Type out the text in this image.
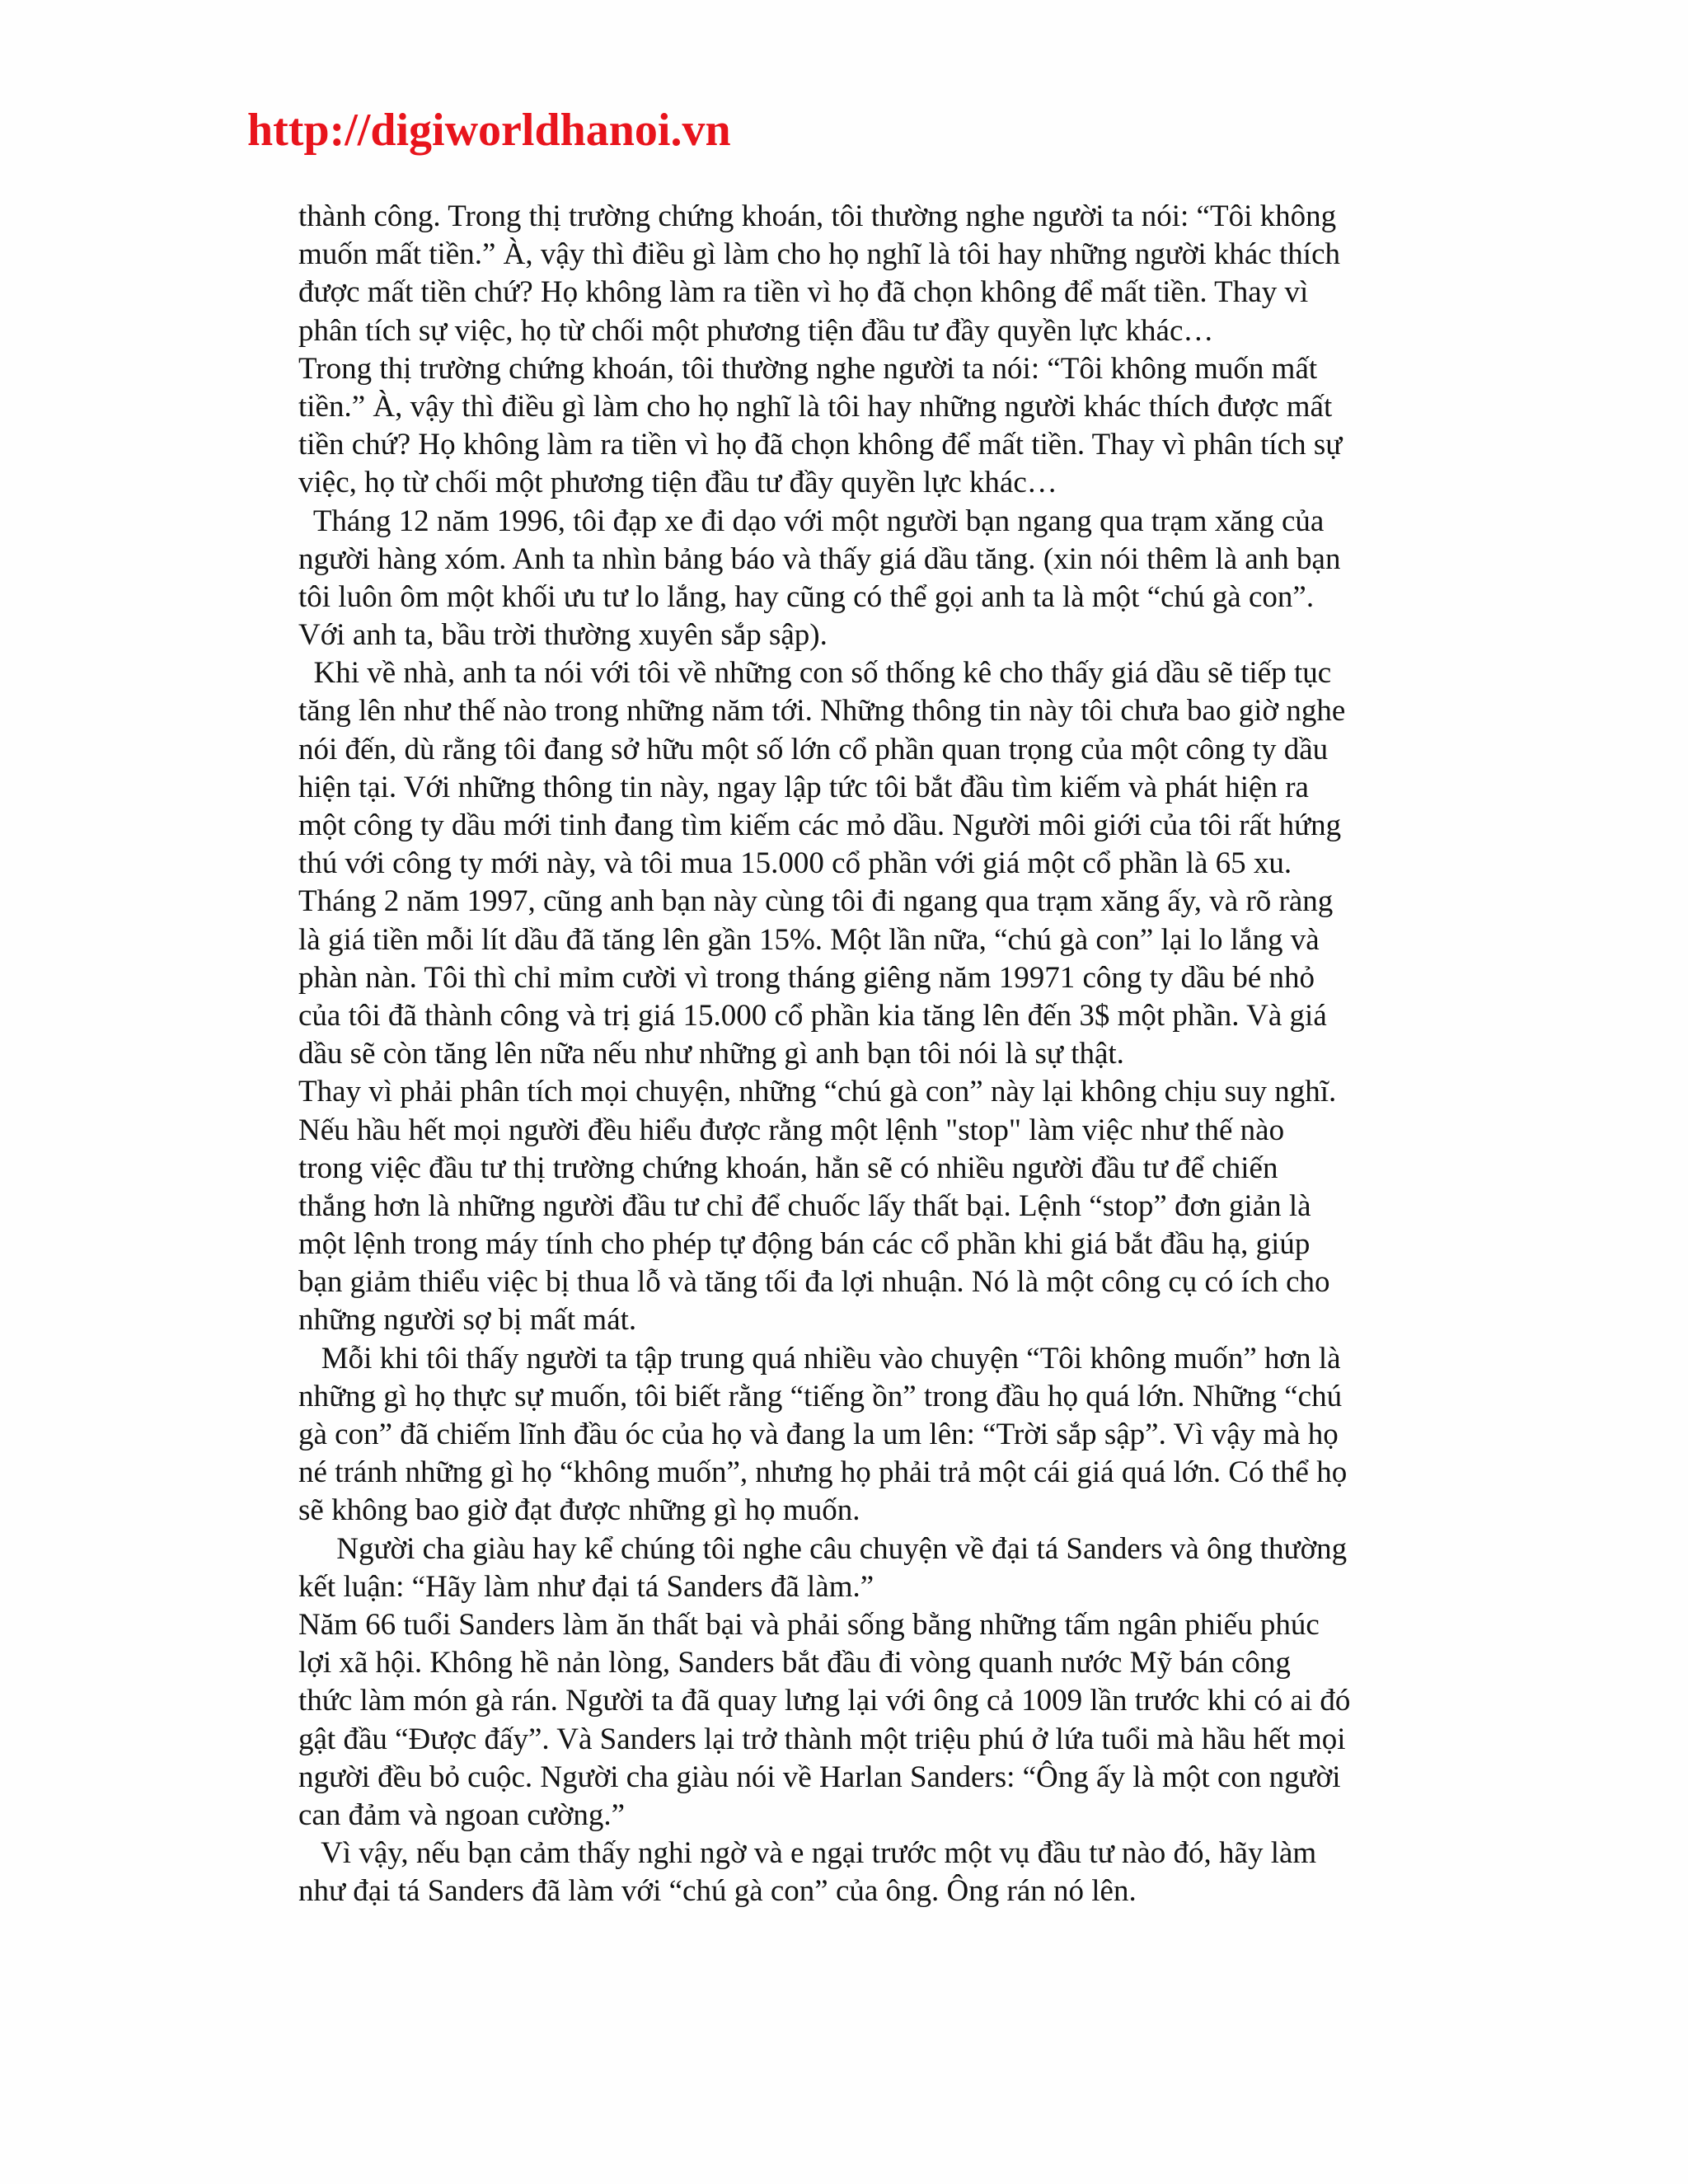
http://digiworldhanoi.vn
thành công. Trong thị trường chứng khoán, tôi thường nghe người ta nói: “Tôi không
muốn mất tiền.” À, vậy thì điều gì làm cho họ nghĩ là tôi hay những người khác thích
được mất tiền chứ? Họ không làm ra tiền vì họ đã chọn không để mất tiền. Thay vì
phân tích sự việc, họ từ chối một phương tiện đầu tư đầy quyền lực khác…
Trong thị trường chứng khoán, tôi thường nghe người ta nói: “Tôi không muốn mất
tiền.” À, vậy thì điều gì làm cho họ nghĩ là tôi hay những người khác thích được mất
tiền chứ? Họ không làm ra tiền vì họ đã chọn không để mất tiền. Thay vì phân tích sự
việc, họ từ chối một phương tiện đầu tư đầy quyền lực khác…
Tháng 12 năm 1996, tôi đạp xe đi dạo với một người bạn ngang qua trạm xăng của
người hàng xóm. Anh ta nhìn bảng báo và thấy giá dầu tăng. (xin nói thêm là anh bạn
tôi luôn ôm một khối ưu tư lo lắng, hay cũng có thể gọi anh ta là một “chú gà con”.
Với anh ta, bầu trời thường xuyên sắp sập).
Khi về nhà, anh ta nói với tôi về những con số thống kê cho thấy giá dầu sẽ tiếp tục
tăng lên như thế nào trong những năm tới. Những thông tin này tôi chưa bao giờ nghe
nói đến, dù rằng tôi đang sở hữu một số lớn cổ phần quan trọng của một công ty dầu
hiện tại. Với những thông tin này, ngay lập tức tôi bắt đầu tìm kiếm và phát hiện ra
một công ty dầu mới tinh đang tìm kiếm các mỏ dầu. Người môi giới của tôi rất hứng
thú với công ty mới này, và tôi mua 15.000 cổ phần với giá một cổ phần là 65 xu.
Tháng 2 năm 1997, cũng anh bạn này cùng tôi đi ngang qua trạm xăng ấy, và rõ ràng
là giá tiền mỗi lít dầu đã tăng lên gần 15%. Một lần nữa, “chú gà con” lại lo lắng và
phàn nàn. Tôi thì chỉ mỉm cười vì trong tháng giêng năm 19971 công ty dầu bé nhỏ
của tôi đã thành công và trị giá 15.000 cổ phần kia tăng lên đến 3$ một phần. Và giá
dầu sẽ còn tăng lên nữa nếu như những gì anh bạn tôi nói là sự thật.
Thay vì phải phân tích mọi chuyện, những “chú gà con” này lại không chịu suy nghĩ.
Nếu hầu hết mọi người đều hiểu được rằng một lệnh "stop" làm việc như thế nào
trong việc đầu tư thị trường chứng khoán, hẳn sẽ có nhiều người đầu tư để chiến
thắng hơn là những người đầu tư chỉ để chuốc lấy thất bại. Lệnh “stop” đơn giản là
một lệnh trong máy tính cho phép tự động bán các cổ phần khi giá bắt đầu hạ, giúp
bạn giảm thiểu việc bị thua lỗ và tăng tối đa lợi nhuận. Nó là một công cụ có ích cho
những người sợ bị mất mát.
Mỗi khi tôi thấy người ta tập trung quá nhiều vào chuyện “Tôi không muốn” hơn là
những gì họ thực sự muốn, tôi biết rằng “tiếng ồn” trong đầu họ quá lớn. Những “chú
gà con” đã chiếm lĩnh đầu óc của họ và đang la um lên: “Trời sắp sập”. Vì vậy mà họ
né tránh những gì họ “không muốn”, nhưng họ phải trả một cái giá quá lớn. Có thể họ
sẽ không bao giờ đạt được những gì họ muốn.
Người cha giàu hay kể chúng tôi nghe câu chuyện về đại tá Sanders và ông thường
kết luận: “Hãy làm như đại tá Sanders đã làm.”
Năm 66 tuổi Sanders làm ăn thất bại và phải sống bằng những tấm ngân phiếu phúc
lợi xã hội. Không hề nản lòng, Sanders bắt đầu đi vòng quanh nước Mỹ bán công
thức làm món gà rán. Người ta đã quay lưng lại với ông cả 1009 lần trước khi có ai đó
gật đầu “Được đấy”. Và Sanders lại trở thành một triệu phú ở lứa tuổi mà hầu hết mọi
người đều bỏ cuộc. Người cha giàu nói về Harlan Sanders: “Ông ấy là một con người
can đảm và ngoan cường.”
Vì vậy, nếu bạn cảm thấy nghi ngờ và e ngại trước một vụ đầu tư nào đó, hãy làm
như đại tá Sanders đã làm với “chú gà con” của ông. Ông rán nó lên.
